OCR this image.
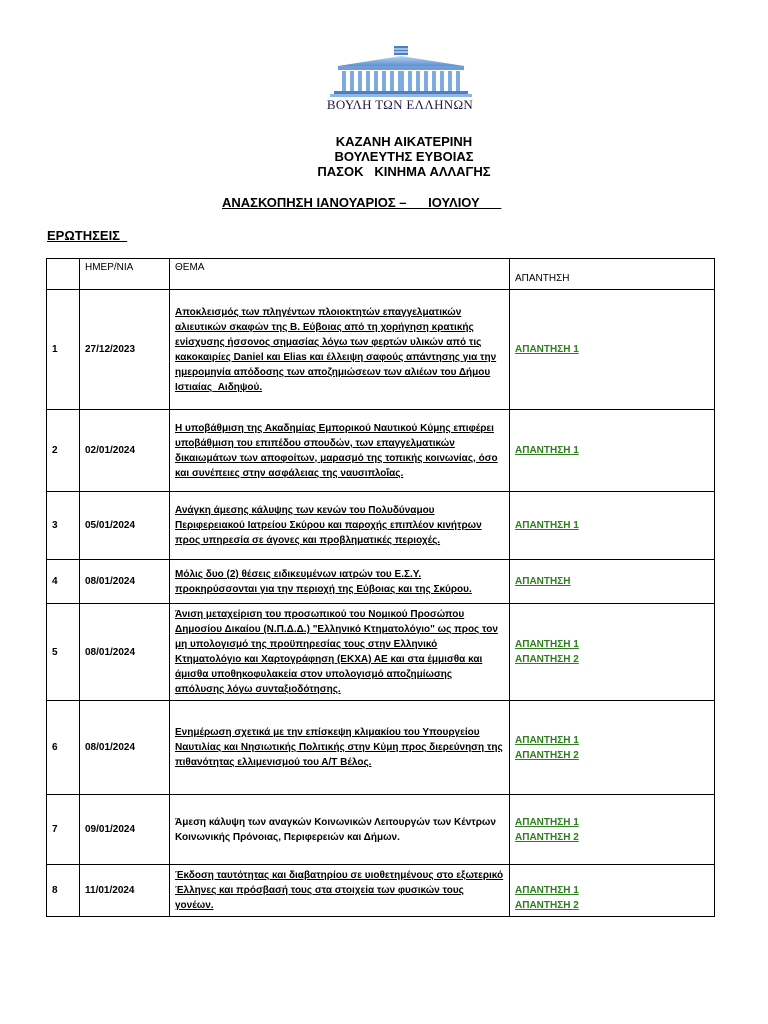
ΒΟΥΛΗ ΤΩΝ ΕΛΛΗΝΩΝ
ΚΑΖΑΝΗ ΑΙΚΑΤΕΡΙΝΗ
ΒΟΥΛΕΥΤΗΣ ΕΥΒΟΙΑΣ
ΠΑΣΟΚ   ΚΙΝΗΜΑ ΑΛΛΑΓΗΣ
ΑΝΑΣΚΟΠΗΣΗ ΙΑΝΟΥΑΡΙΟΣ –      ΙΟΥΛΙΟΥ
ΕΡΩΤΗΣΕΙΣ
	ΗΜΕΡ/ΝΙΑ	ΘΕΜΑ	ΑΠΑΝΤΗΣΗ

1	27/12/2023	Αποκλεισμός των πληγέντων πλοιοκτητών επαγγελματικών αλιευτικών σκαφών της Β. Εύβοιας από τη χορήγηση κρατικής ενίσχυσης ήσσονος σημασίας λόγω των φερτών υλικών από τις κακοκαιρίες Daniel και Elias και έλλειψη σαφούς απάντησης για την ημερομηνία απόδοσης των αποζημιώσεων των αλιέων του Δήμου Ιστιαίας_Αιδηψού.	ΑΠΑΝΤΗΣΗ 1

2	02/01/2024	Η υποβάθμιση της Ακαδημίας Εμπορικού Ναυτικού Κύμης επιφέρει υποβάθμιση του επιπέδου σπουδών, των επαγγελματικών δικαιωμάτων των αποφοίτων, μαρασμό της τοπικής κοινωνίας, όσο και συνέπειες στην ασφάλειας της ναυσιπλοΐας.	ΑΠΑΝΤΗΣΗ 1

3	05/01/2024	Ανάγκη άμεσης κάλυψης των κενών του Πολυδύναμου Περιφερειακού Ιατρείου Σκύρου και παροχής επιπλέον κινήτρων προς υπηρεσία σε άγονες και προβληματικές περιοχές.	ΑΠΑΝΤΗΣΗ 1

4	08/01/2024	Μόλις δυο (2) θέσεις ειδικευμένων ιατρών του Ε.Σ.Υ. προκηρύσσονται για την περιοχή της Εύβοιας και της Σκύρου.	ΑΠΑΝΤΗΣΗ

5	08/01/2024	Άνιση μεταχείριση του προσωπικού του Νομικού Προσώπου Δημοσίου Δικαίου (Ν.Π.Δ.Δ.) "Ελληνικό Κτηματολόγιο" ως προς τον μη υπολογισμό της προϋπηρεσίας τους στην Ελληνικό Κτηματολόγιο και Χαρτογράφηση (ΕΚΧΑ) ΑΕ και στα έμμισθα και άμισθα υποθηκοφυλακεία στον υπολογισμό αποζημίωσης απόλυσης λόγω συνταξιοδότησης.	ΑΠΑΝΤΗΣΗ 1
ΑΠΑΝΤΗΣΗ 2

6	08/01/2024	Ενημέρωση σχετικά με την επίσκεψη κλιμακίου του Υπουργείου Ναυτιλίας και Νησιωτικής Πολιτικής στην Κύμη προς διερεύνηση της πιθανότητας ελλιμενισμού του Α/Τ Βέλος.	ΑΠΑΝΤΗΣΗ 1
ΑΠΑΝΤΗΣΗ 2

7	09/01/2024	Άμεση κάλυψη των αναγκών Κοινωνικών Λειτουργών των Κέντρων Κοινωνικής Πρόνοιας, Περιφερειών και Δήμων.	ΑΠΑΝΤΗΣΗ 1
ΑΠΑΝΤΗΣΗ 2

8	11/01/2024	Έκδοση ταυτότητας και διαβατηρίου σε υιοθετημένους στο εξωτερικό Έλληνες και πρόσβασή τους στα στοιχεία των φυσικών τους γονέων.	ΑΠΑΝΤΗΣΗ 1
ΑΠΑΝΤΗΣΗ 2
